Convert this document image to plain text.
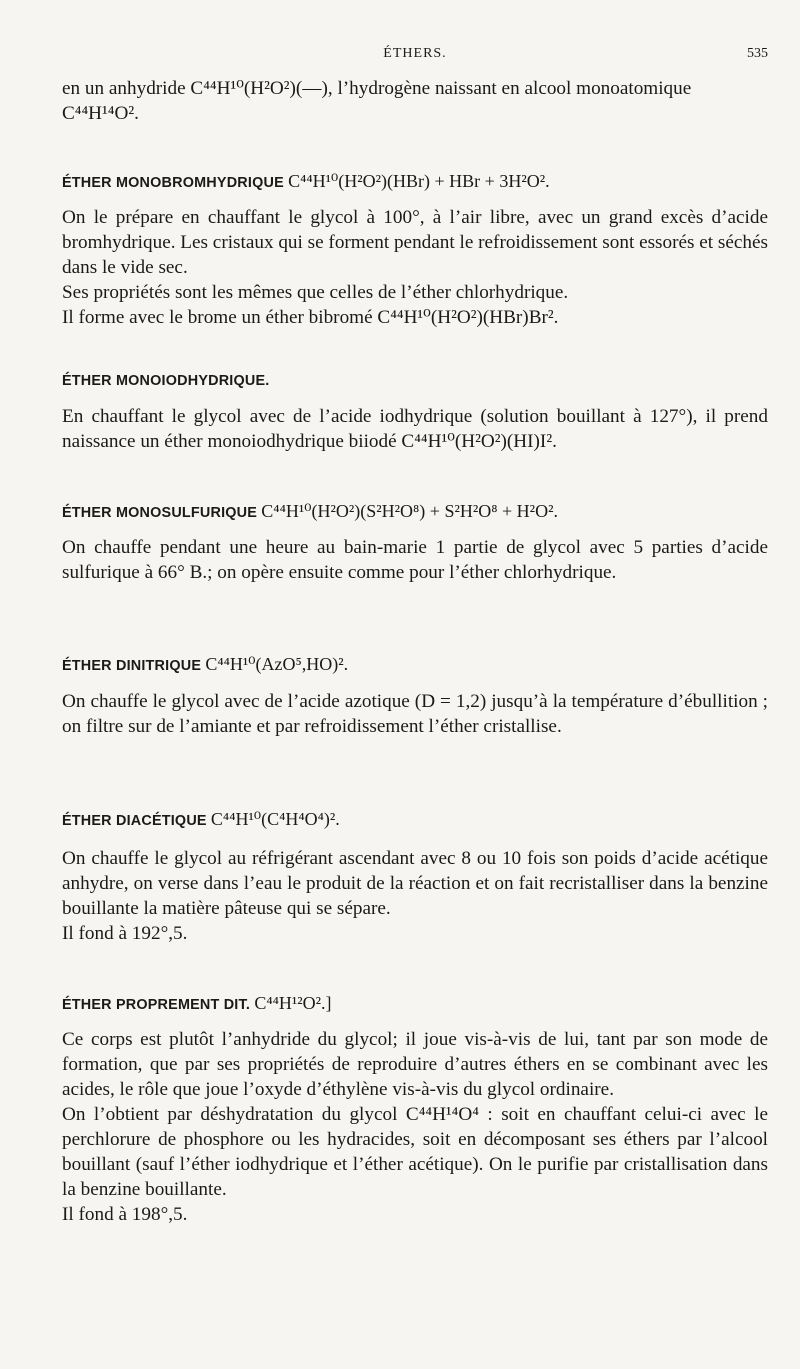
ÉTHERS.	535

en un anhydride C⁴⁴H¹⁰(H²O²)(—), l’hydrogène naissant en alcool monoatomique

C⁴⁴H¹⁴O².

ÉTHER MONOBROMHYDRIQUE C⁴⁴H¹⁰(H²O²)(HBr) + HBr + 3H²O².

On le prépare en chauffant le glycol à 100°, à l’air libre, avec un grand excès d’acide bromhydrique. Les cristaux qui se forment pendant le refroidissement sont essorés et séchés dans le vide sec.

Ses propriétés sont les mêmes que celles de l’éther chlorhydrique.

Il forme avec le brome un éther bibromé C⁴⁴H¹⁰(H²O²)(HBr)Br².

ÉTHER MONOIODHYDRIQUE.

En chauffant le glycol avec de l’acide iodhydrique (solution bouillant à 127°), il prend naissance un éther monoiodhydrique biiodé C⁴⁴H¹⁰(H²O²)(HI)I².

ÉTHER MONOSULFURIQUE C⁴⁴H¹⁰(H²O²)(S²H²O⁸) + S²H²O⁸ + H²O².

On chauffe pendant une heure au bain-marie 1 partie de glycol avec 5 parties d’acide sulfurique à 66° B.; on opère ensuite comme pour l’éther chlorhydrique.

ÉTHER DINITRIQUE C⁴⁴H¹⁰(AzO⁵,HO)².

On chauffe le glycol avec de l’acide azotique (D = 1,2) jusqu’à la température d’ébullition ; on filtre sur de l’amiante et par refroidissement l’éther cristallise.

ÉTHER DIACÉTIQUE C⁴⁴H¹⁰(C⁴H⁴O⁴)².

On chauffe le glycol au réfrigérant ascendant avec 8 ou 10 fois son poids d’acide acétique anhydre, on verse dans l’eau le produit de la réaction et on fait recristalliser dans la benzine bouillante la matière pâteuse qui se sépare.

Il fond à 192°,5.

ÉTHER PROPREMENT DIT. C⁴⁴H¹²O².]

Ce corps est plutôt l’anhydride du glycol; il joue vis-à-vis de lui, tant par son mode de formation, que par ses propriétés de reproduire d’autres éthers en se combinant avec les acides, le rôle que joue l’oxyde d’éthylène vis-à-vis du glycol ordinaire.

On l’obtient par déshydratation du glycol C⁴⁴H¹⁴O⁴ : soit en chauffant celui-ci avec le perchlorure de phosphore ou les hydracides, soit en décomposant ses éthers par l’alcool bouillant (sauf l’éther iodhydrique et l’éther acétique). On le purifie par cristallisation dans la benzine bouillante.

Il fond à 198°,5.
